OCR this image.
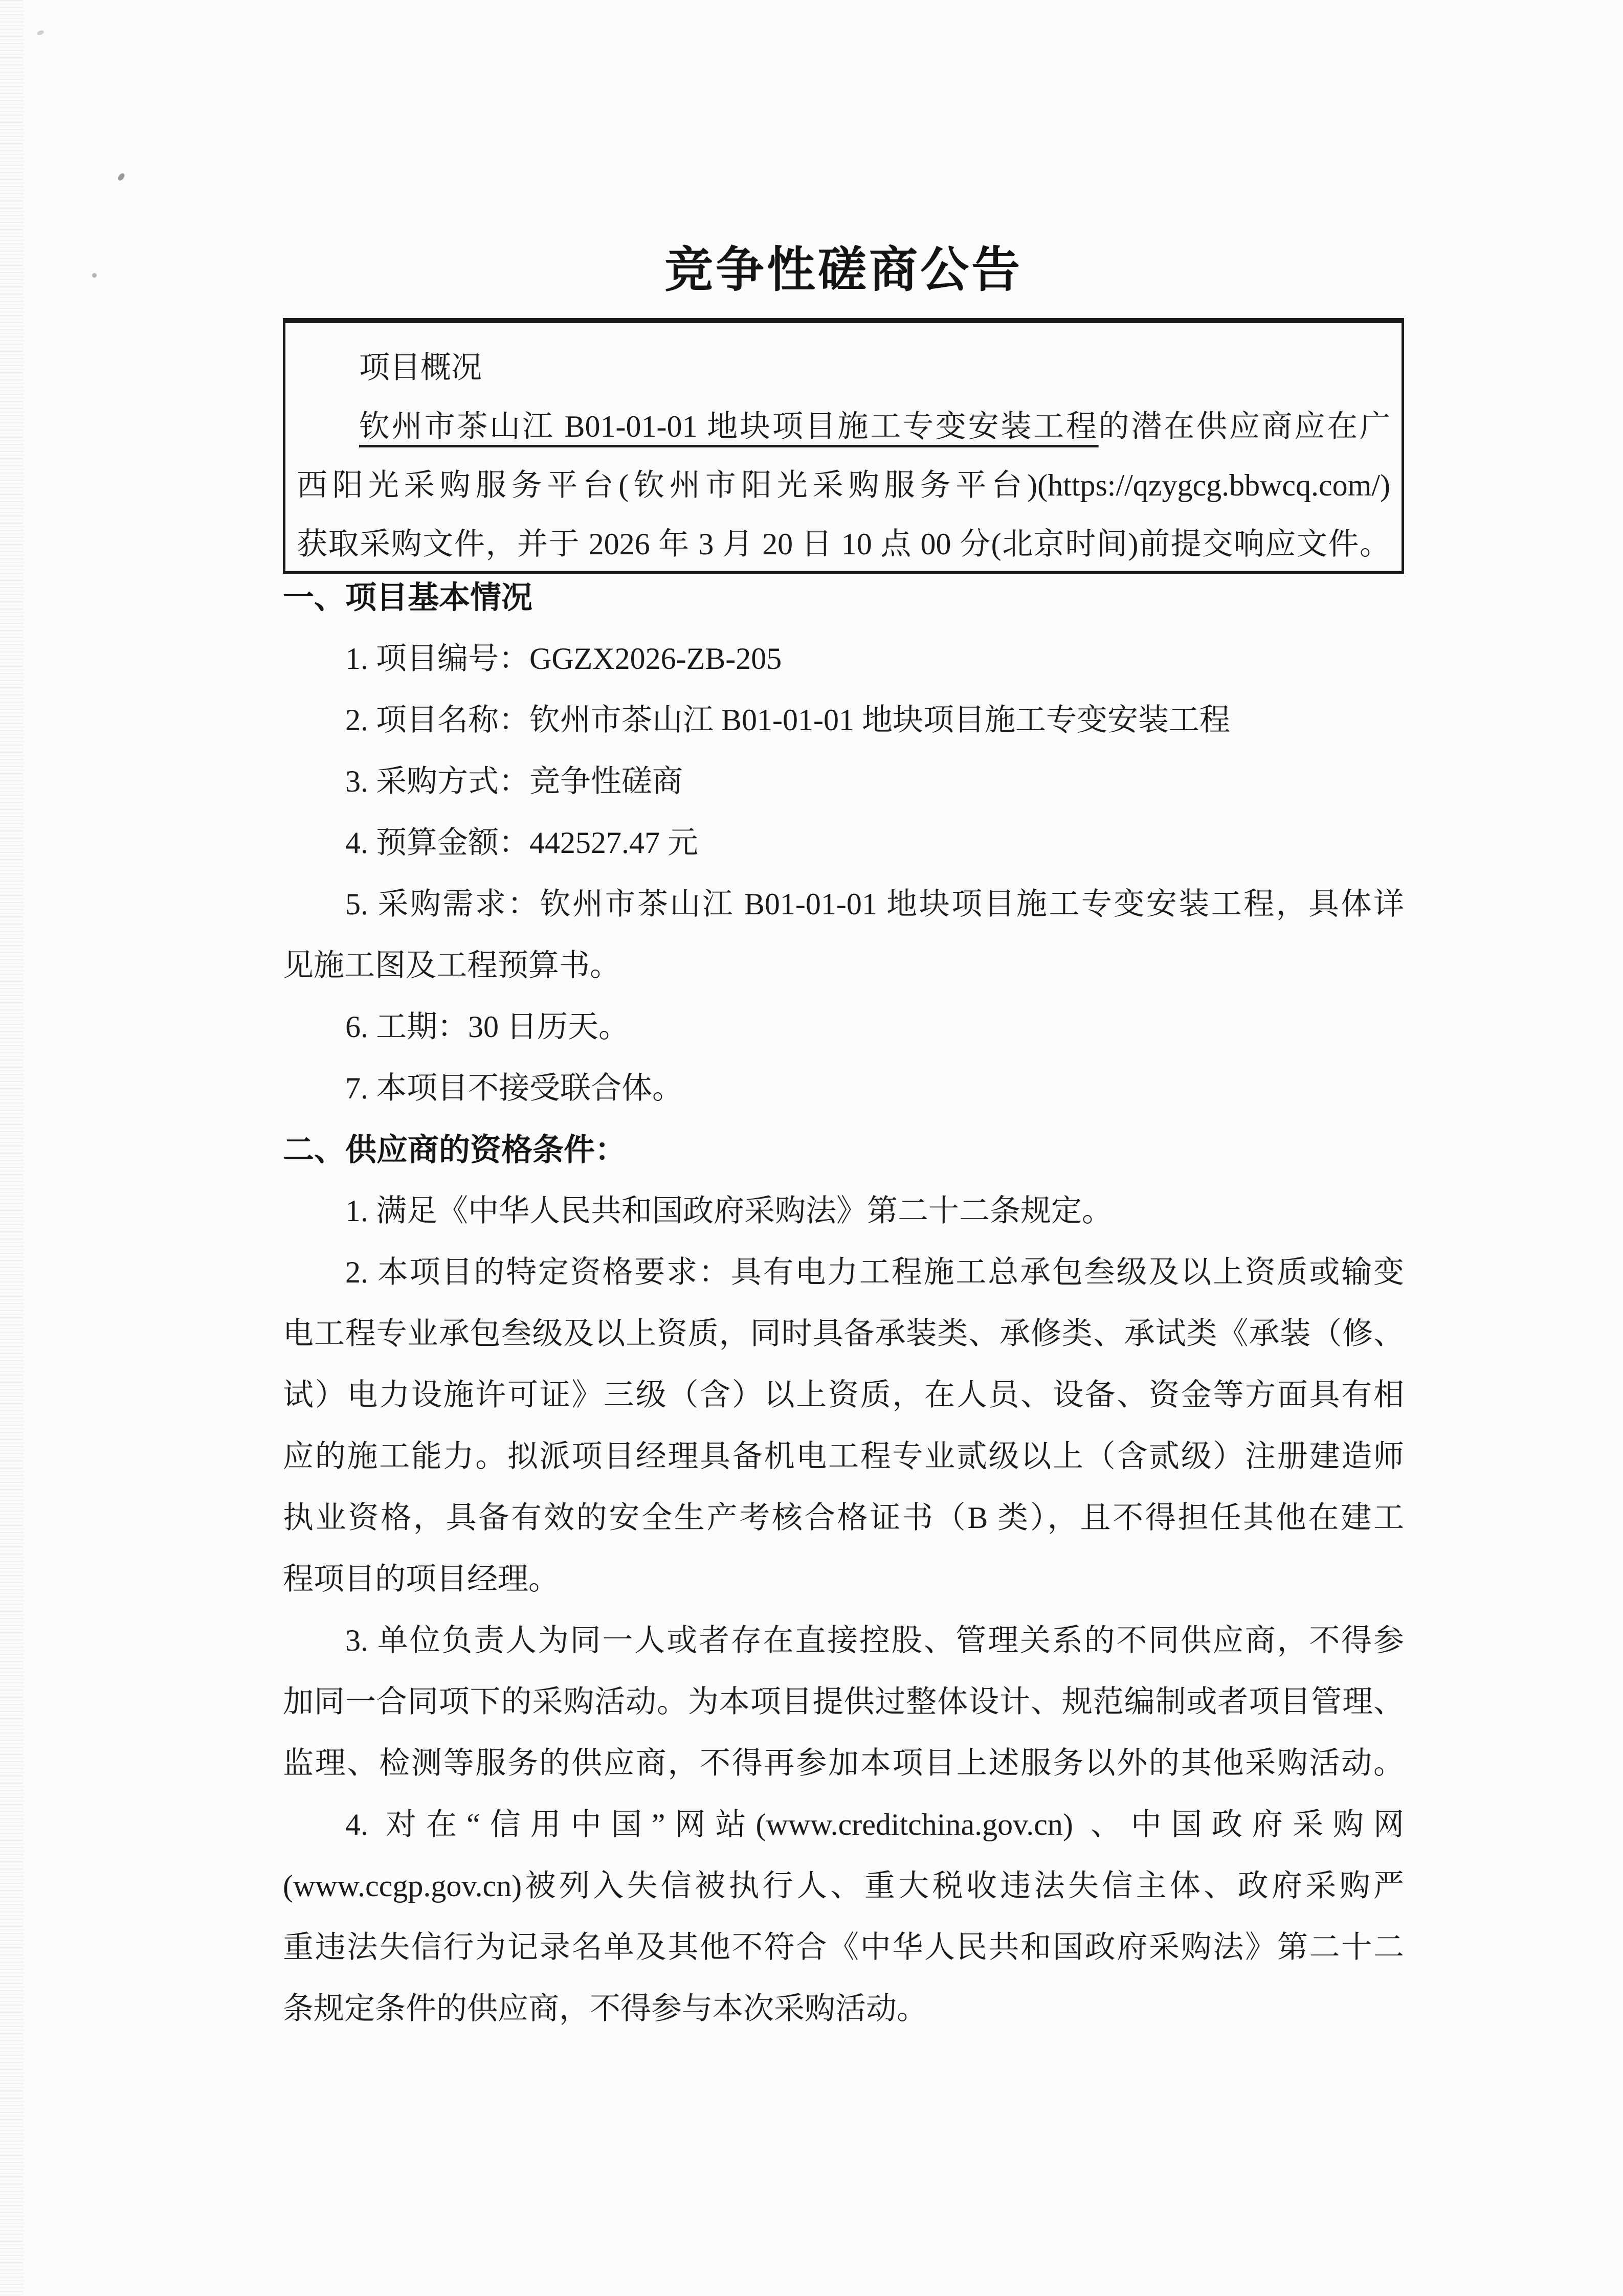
竞争性磋商公告
项目概况
钦州市茶山江 B01-01-01 地块项目施工专变安装工程的潜在供应商应在广
西阳光采购服务平台(钦州市阳光采购服务平台)(https://qzygcg.bbwcq.com/)
获取采购文件，并于 2026 年 3 月 20 日 10 点 00 分(北京时间)前提交响应文件。
一、项目基本情况
1. 项目编号：GGZX2026-ZB-205
2. 项目名称：钦州市茶山江 B01-01-01 地块项目施工专变安装工程
3. 采购方式：竞争性磋商
4. 预算金额：442527.47 元
5. 采购需求：钦州市茶山江 B01-01-01 地块项目施工专变安装工程，具体详
见施工图及工程预算书。
6. 工期：30 日历天。
7. 本项目不接受联合体。
二、供应商的资格条件：
1. 满足《中华人民共和国政府采购法》第二十二条规定。
2. 本项目的特定资格要求：具有电力工程施工总承包叁级及以上资质或输变
电工程专业承包叁级及以上资质，同时具备承装类、承修类、承试类《承装（修、
试）电力设施许可证》三级（含）以上资质，在人员、设备、资金等方面具有相
应的施工能力。拟派项目经理具备机电工程专业贰级以上（含贰级）注册建造师
执业资格，具备有效的安全生产考核合格证书（B 类），且不得担任其他在建工
程项目的项目经理。
3. 单位负责人为同一人或者存在直接控股、管理关系的不同供应商，不得参
加同一合同项下的采购活动。为本项目提供过整体设计、规范编制或者项目管理、
监理、检测等服务的供应商，不得再参加本项目上述服务以外的其他采购活动。
4. 对在“信用中国”网站(www.creditchina.gov.cn) 、中国政府采购网
(www.ccgp.gov.cn)被列入失信被执行人、重大税收违法失信主体、政府采购严
重违法失信行为记录名单及其他不符合《中华人民共和国政府采购法》第二十二
条规定条件的供应商，不得参与本次采购活动。
